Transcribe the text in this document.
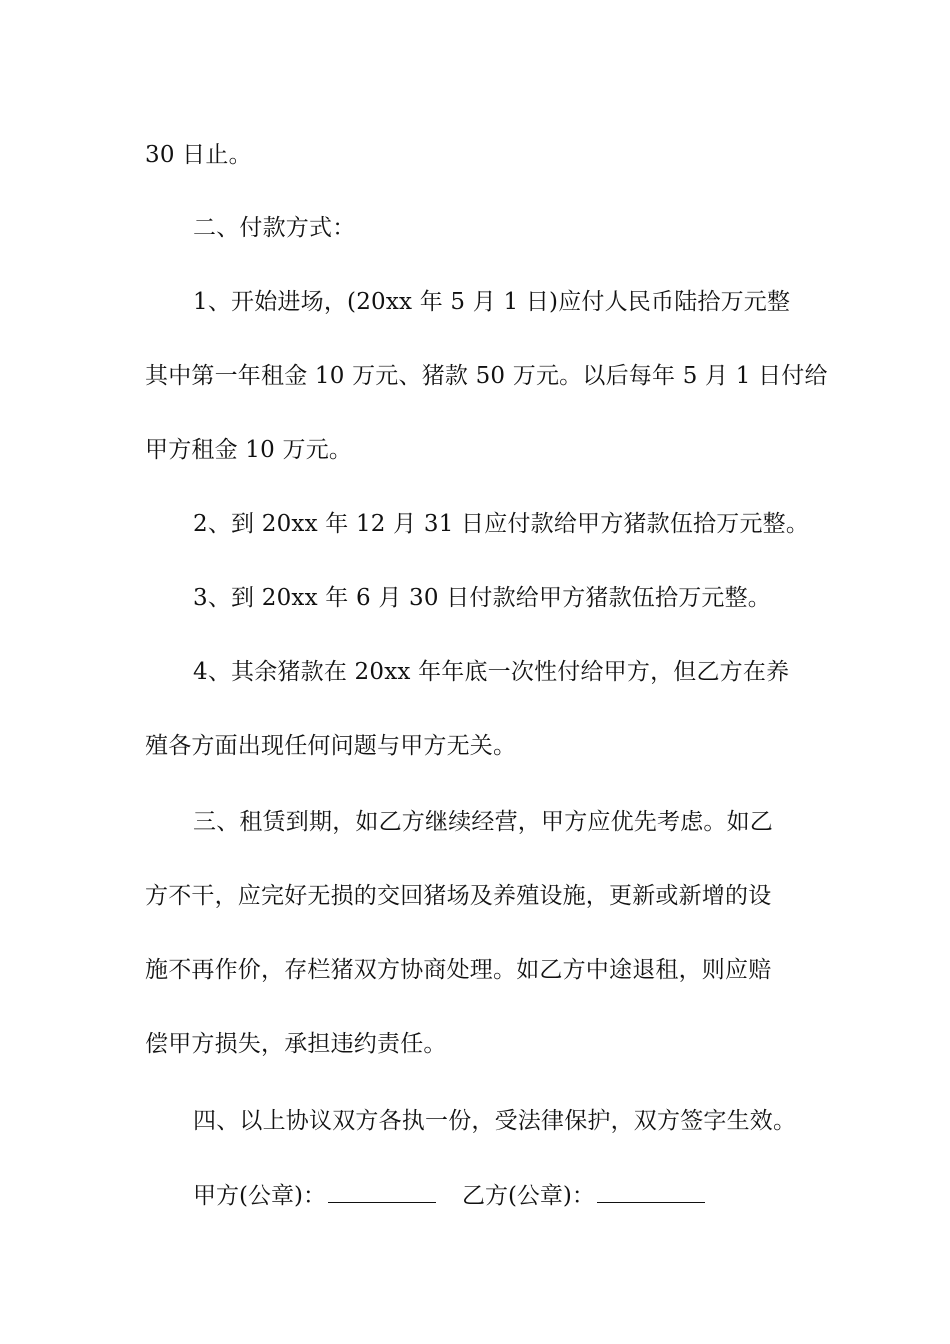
30 日止。
二、付款方式：
1、开始进场，(20xx 年 5 月 1 日)应付人民币陆拾万元整
其中第一年租金 10 万元、猪款 50 万元。以后每年 5 月 1 日付给
甲方租金 10 万元。
2、到 20xx 年 12 月 31 日应付款给甲方猪款伍拾万元整。
3、到 20xx 年 6 月 30 日付款给甲方猪款伍拾万元整。
4、其余猪款在 20xx 年年底一次性付给甲方，但乙方在养
殖各方面出现任何问题与甲方无关。
三、租赁到期，如乙方继续经营，甲方应优先考虑。如乙
方不干，应完好无损的交回猪场及养殖设施，更新或新增的设
施不再作价，存栏猪双方协商处理。如乙方中途退租，则应赔
偿甲方损失，承担违约责任。
四、以上协议双方各执一份，受法律保护，双方签字生效。
甲方(公章)：	乙方(公章)：
